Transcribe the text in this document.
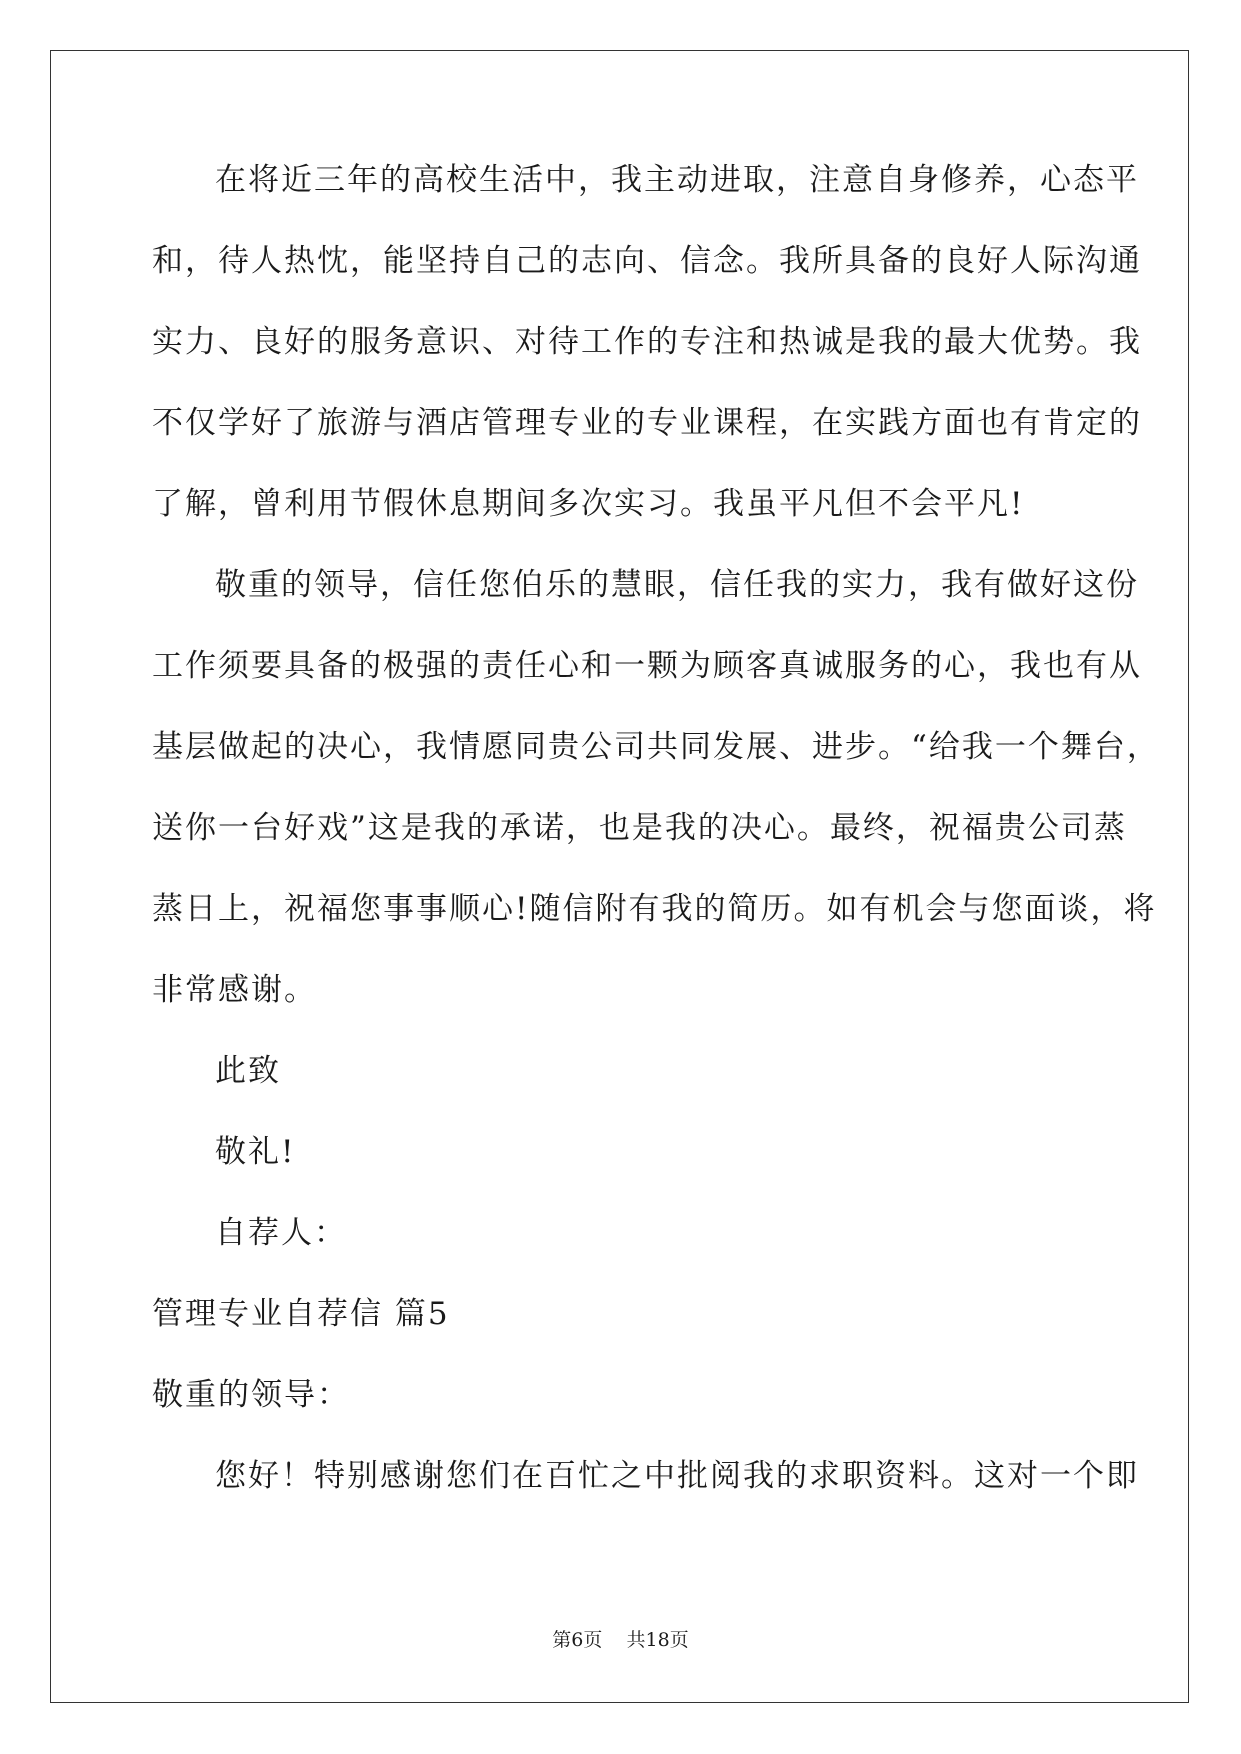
在将近三年的高校生活中，我主动进取，注意自身修养，心态平
和，待人热忱，能坚持自己的志向、信念。我所具备的良好人际沟通
实力、良好的服务意识、对待工作的专注和热诚是我的最大优势。我
不仅学好了旅游与酒店管理专业的专业课程，在实践方面也有肯定的
了解，曾利用节假休息期间多次实习。我虽平凡但不会平凡!
敬重的领导，信任您伯乐的慧眼，信任我的实力，我有做好这份
工作须要具备的极强的责任心和一颗为顾客真诚服务的心，我也有从
基层做起的决心，我情愿同贵公司共同发展、进步。“给我一个舞台，
送你一台好戏”这是我的承诺，也是我的决心。最终，祝福贵公司蒸
蒸日上，祝福您事事顺心!随信附有我的简历。如有机会与您面谈，将
非常感谢。
此致
敬礼!
自荐人：
管理专业自荐信 篇5
敬重的领导：
您好！特别感谢您们在百忙之中批阅我的求职资料。这对一个即
第6页 共18页
